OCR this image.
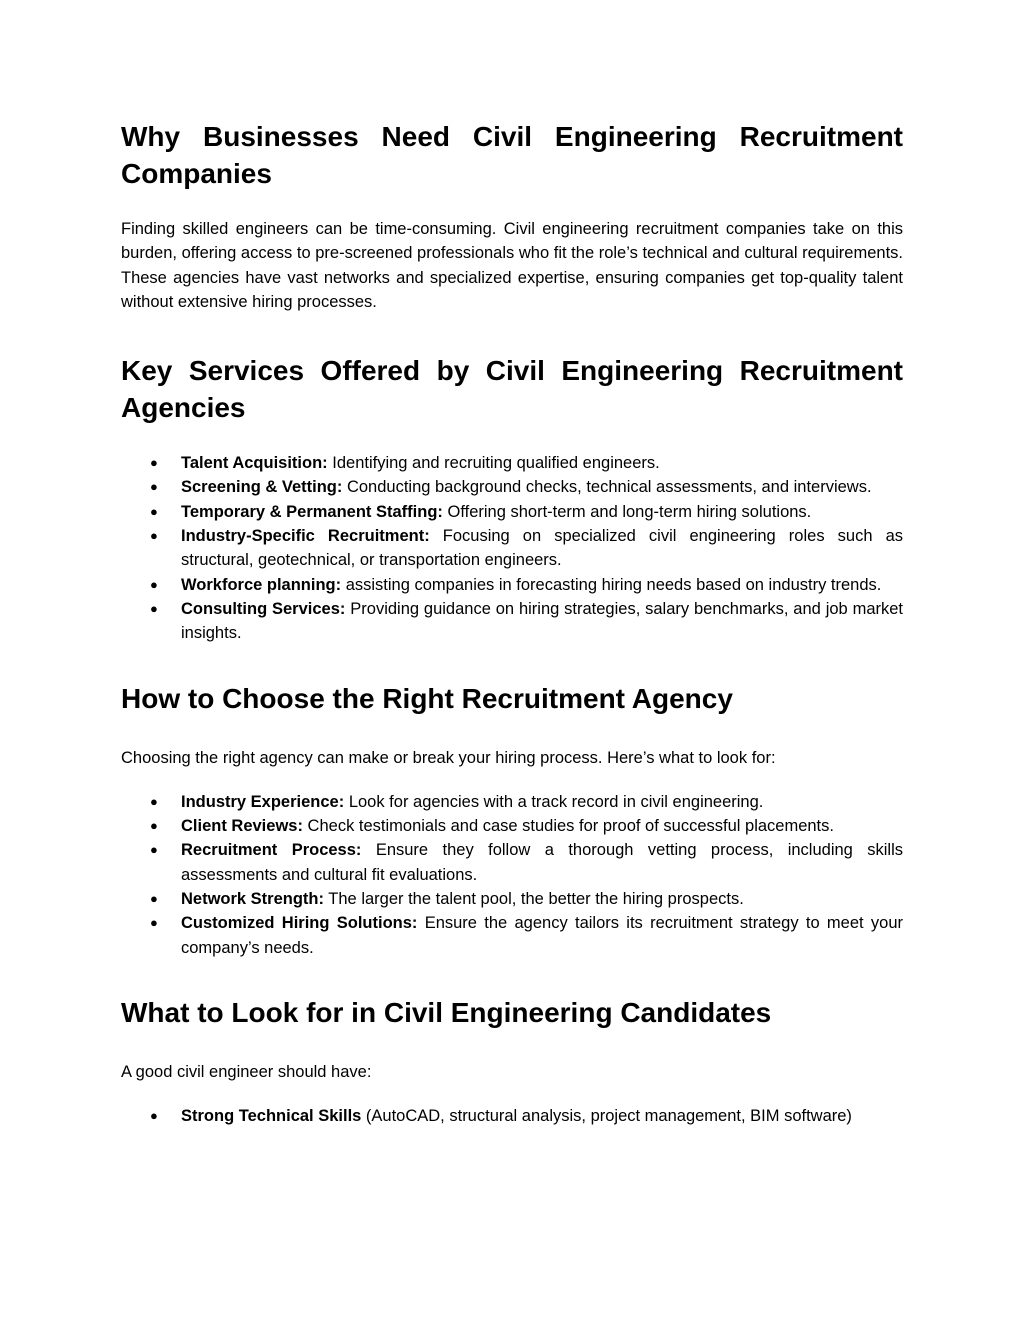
Why Businesses Need Civil Engineering Recruitment Companies

Finding skilled engineers can be time-consuming. Civil engineering recruitment companies take on this burden, offering access to pre-screened professionals who fit the role’s technical and cultural requirements. These agencies have vast networks and specialized expertise, ensuring companies get top-quality talent without extensive hiring processes.

Key Services Offered by Civil Engineering Recruitment Agencies
● Talent Acquisition: Identifying and recruiting qualified engineers.
● Screening & Vetting: Conducting background checks, technical assessments, and interviews.
● Temporary & Permanent Staffing: Offering short-term and long-term hiring solutions.
● Industry-Specific Recruitment: Focusing on specialized civil engineering roles such as structural, geotechnical, or transportation engineers.
● Workforce planning: assisting companies in forecasting hiring needs based on industry trends.
● Consulting Services: Providing guidance on hiring strategies, salary benchmarks, and job market insights.
How to Choose the Right Recruitment Agency

Choosing the right agency can make or break your hiring process. Here’s what to look for:

● Industry Experience: Look for agencies with a track record in civil engineering.
● Client Reviews: Check testimonials and case studies for proof of successful placements.
● Recruitment Process: Ensure they follow a thorough vetting process, including skills assessments and cultural fit evaluations.
● Network Strength: The larger the talent pool, the better the hiring prospects.
● Customized Hiring Solutions: Ensure the agency tailors its recruitment strategy to meet your company’s needs.
What to Look for in Civil Engineering Candidates

A good civil engineer should have:

● Strong Technical Skills (AutoCAD, structural analysis, project management, BIM software)
